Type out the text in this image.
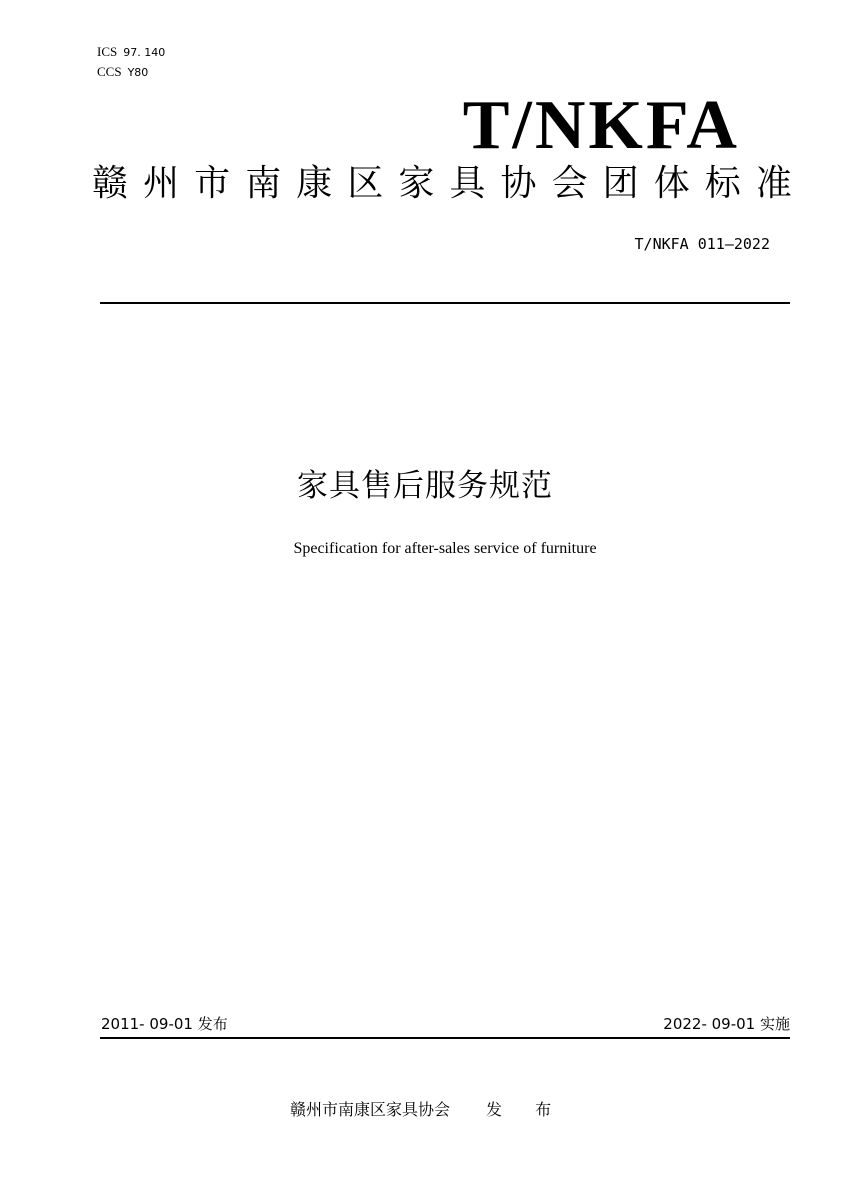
ICS 97. 140
CCS Y80
T/NKFA
赣 州 市 南 康 区 家 具 协 会 团 体 标 准
T/NKFA 011—2022
家具售后服务规范
Specification for after-sales service of furniture
2011- 09-01 发布	2022- 09-01 实施
赣州市南康区家具协会 发 布
